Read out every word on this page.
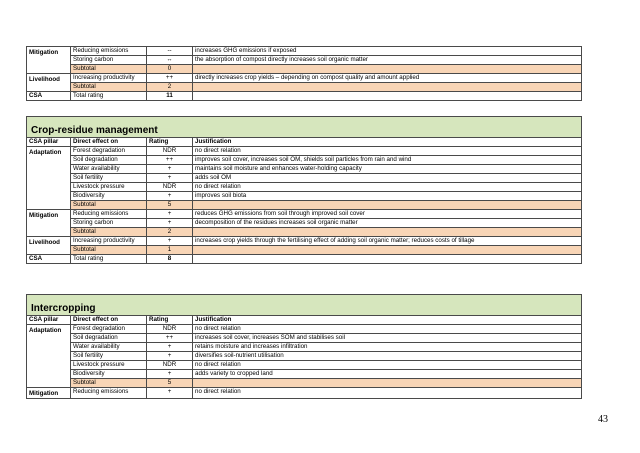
Mitigation	Reducing emissions	--	increases GHG emissions if exposed
	Storing carbon	↔	the absorption of compost directly increases soil organic matter
	Subtotal	0	
Livelihood	Increasing productivity	++	directly increases crop yields – depending on compost quality and amount applied
	Subtotal	2	
CSA	Total rating	11	
Crop-residue management			
CSA pillar	Direct effect on	Rating	Justification
Adaptation	Forest degradation	NDR	no direct relation
	Soil degradation	++	improves soil cover, increases soil OM, shields soil particles from rain and wind
	Water availability	+	maintains soil moisture and enhances water-holding capacity
	Soil fertility	+	adds soil OM
	Livestock pressure	NDR	no direct relation
	Biodiversity	+	improves soil biota
	Subtotal	5	
Mitigation	Reducing emissions	+	reduces GHG emissions from soil through improved soil cover
	Storing carbon	+	decomposition of the residues increases soil organic matter
	Subtotal	2	
Livelihood	Increasing productivity	+	increases crop yields through the fertilising effect of adding soil organic matter; reduces costs of tillage
	Subtotal	1	
CSA	Total rating	8	
Intercropping			
CSA pillar	Direct effect on	Rating	Justification
Adaptation	Forest degradation	NDR	no direct relation
	Soil degradation	++	increases soil cover, increases SOM and stabilises soil
	Water availability	+	retains moisture and increases infiltration
	Soil fertility	+	diversifies soil-nutrient utilisation
	Livestock pressure	NDR	no direct relation
	Biodiversity	+	adds variety to cropped land
	Subtotal	5	
Mitigation	Reducing emissions	+	no direct relation
43
